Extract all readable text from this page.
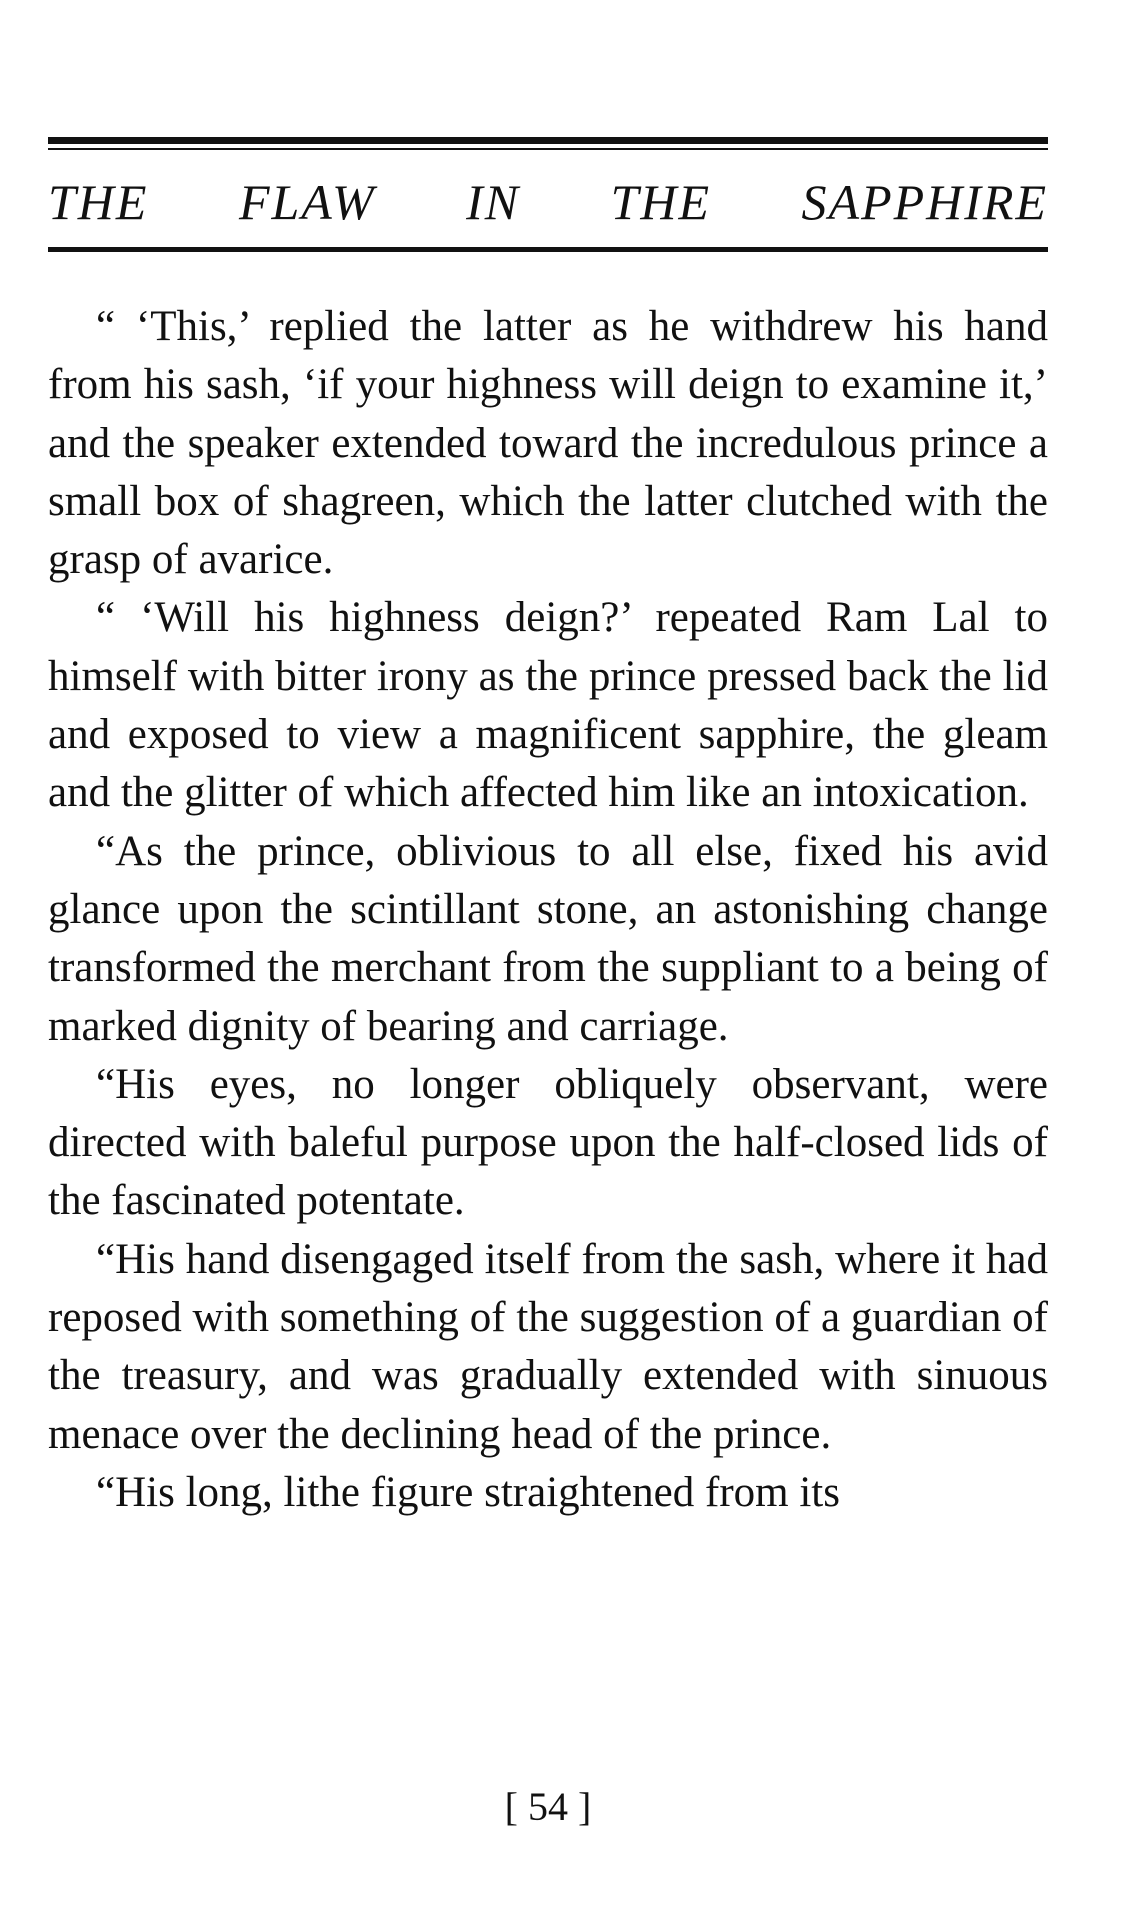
THE FLAW IN THE SAPPHIRE

“ ‘This,’ replied the latter as he withdrew his hand from his sash, ‘if your highness will deign to examine it,’ and the speaker extended toward the incredulous prince a small box of shagreen, which the latter clutched with the grasp of avarice.

“ ‘Will his highness deign?’ repeated Ram Lal to himself with bitter irony as the prince pressed back the lid and exposed to view a magnificent sapphire, the gleam and the glitter of which affected him like an intoxication.

“As the prince, oblivious to all else, fixed his avid glance upon the scintillant stone, an astonishing change transformed the merchant from the suppliant to a being of marked dignity of bearing and carriage.

“His eyes, no longer obliquely observant, were directed with baleful purpose upon the half-closed lids of the fascinated potentate.

“His hand disengaged itself from the sash, where it had reposed with something of the suggestion of a guardian of the treasury, and was gradually extended with sinuous menace over the declining head of the prince.

“His long, lithe figure straightened from its

[ 54 ]
